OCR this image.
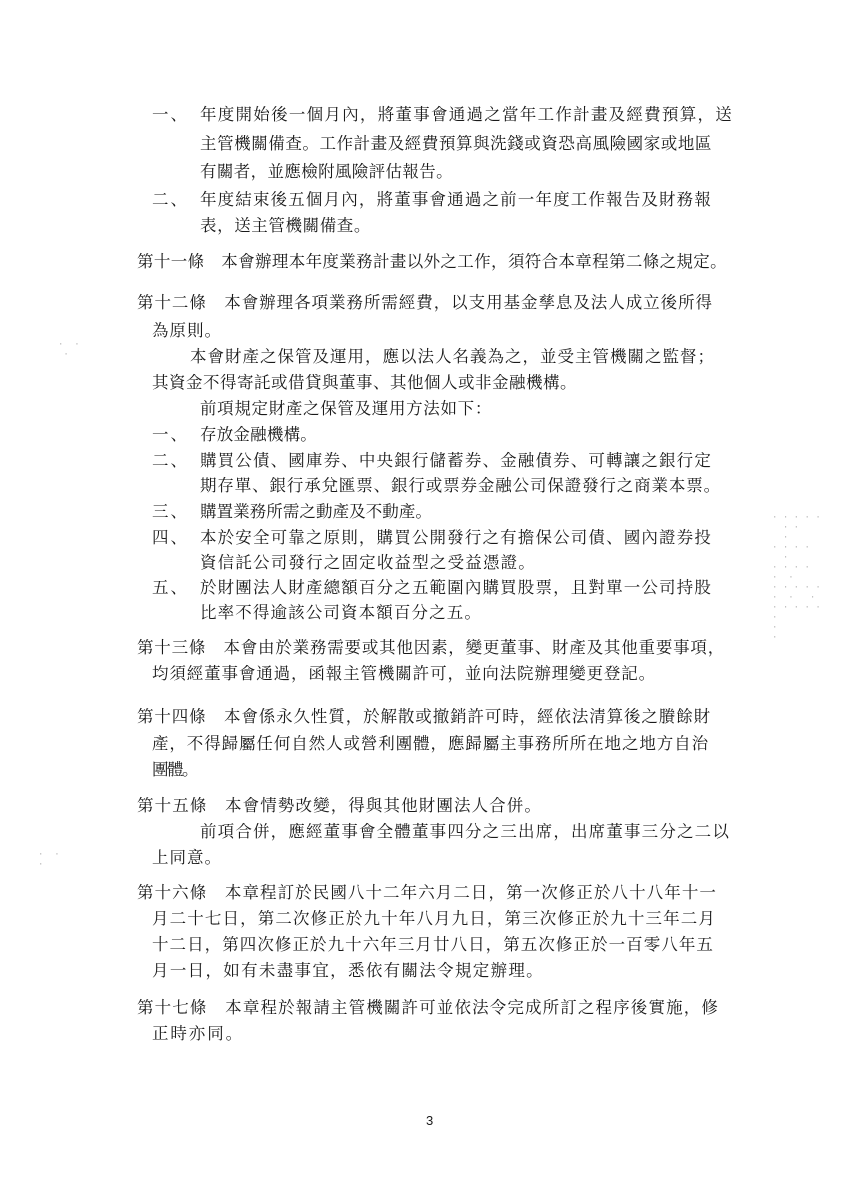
一、 年度開始後一個月內，將董事會通過之當年工作計畫及經費預算，送
主管機關備查。工作計畫及經費預算與洗錢或資恐高風險國家或地區
有關者，並應檢附風險評估報告。
二、 年度結束後五個月內，將董事會通過之前一年度工作報告及財務報
表，送主管機關備查。
第十一條　本會辦理本年度業務計畫以外之工作，須符合本章程第二條之規定。
第十二條　本會辦理各項業務所需經費，以支用基金孳息及法人成立後所得
為原則。
本會財產之保管及運用，應以法人名義為之，並受主管機關之監督；
其資金不得寄託或借貸與董事、其他個人或非金融機構。
前項規定財產之保管及運用方法如下：
一、 存放金融機構。
二、 購買公債、國庫券、中央銀行儲蓄券、金融債券、可轉讓之銀行定
期存單、銀行承兌匯票、銀行或票券金融公司保證發行之商業本票。
三、 購置業務所需之動產及不動產。
四、 本於安全可靠之原則，購買公開發行之有擔保公司債、國內證券投
資信託公司發行之固定收益型之受益憑證。
五、 於財團法人財產總額百分之五範圍內購買股票，且對單一公司持股
比率不得逾該公司資本額百分之五。
第十三條　本會由於業務需要或其他因素，變更董事、財產及其他重要事項，
均須經董事會通過，函報主管機關許可，並向法院辦理變更登記。
第十四條　本會係永久性質，於解散或撤銷許可時，經依法清算後之賸餘財
產，不得歸屬任何自然人或營利團體，應歸屬主事務所所在地之地方自治
團體。
第十五條　本會情勢改變，得與其他財團法人合併。
前項合併，應經董事會全體董事四分之三出席，出席董事三分之二以
上同意。
第十六條　本章程訂於民國八十二年六月二日，第一次修正於八十八年十一
月二十七日，第二次修正於九十年八月九日，第三次修正於九十三年二月
十二日，第四次修正於九十六年三月廿八日，第五次修正於一百零八年五
月一日，如有未盡事宜，悉依有關法令規定辦理。
第十七條　本章程於報請主管機關許可並依法令完成所訂之程序後實施，修
正時亦同。
3
· · · · ·
· ·
·
· · · ·
·
· · · ·
·  ·
· · · · ·
·  ·   ·
· · · · ·
·
·
·
·  ·
·
·  ·
·
